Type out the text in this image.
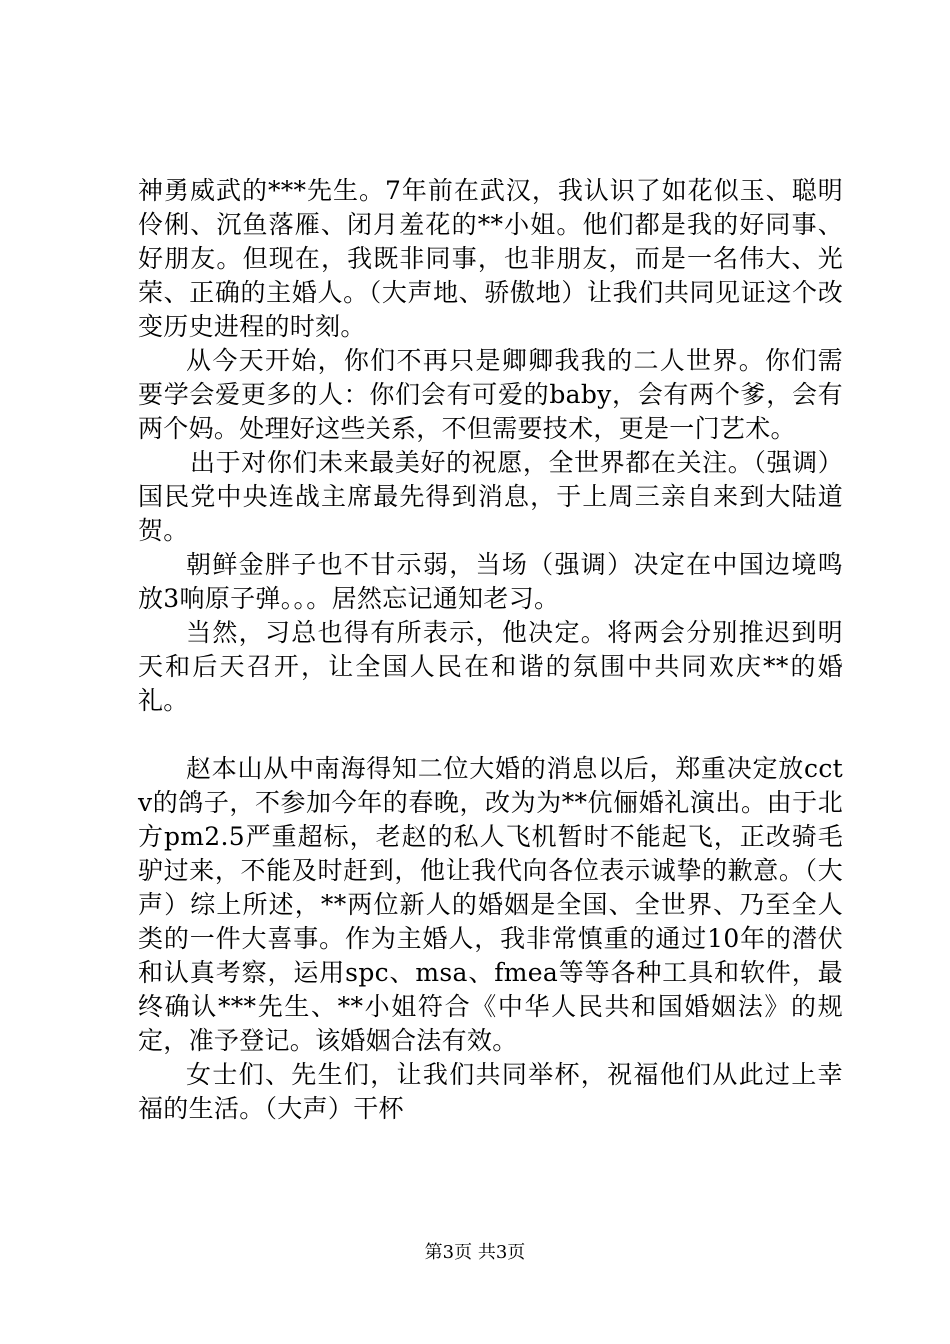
神勇威武的***先生。7年前在武汉，我认识了如花似玉、聪明伶俐、沉鱼落雁、闭月羞花的**小姐。他们都是我的好同事、好朋友。但现在，我既非同事，也非朋友，而是一名伟大、光荣、正确的主婚人。（大声地、骄傲地）让我们共同见证这个改变历史进程的时刻。

从今天开始，你们不再只是卿卿我我的二人世界。你们需要学会爱更多的人：你们会有可爱的baby，会有两个爹，会有两个妈。处理好这些关系，不但需要技术，更是一门艺术。

出于对你们未来最美好的祝愿，全世界都在关注。（强调）国民党中央连战主席最先得到消息，于上周三亲自来到大陆道贺。

朝鲜金胖子也不甘示弱，当场（强调）决定在中国边境鸣放3响原子弹。。。居然忘记通知老习。

当然，习总也得有所表示，他决定。将两会分别推迟到明天和后天召开，让全国人民在和谐的氛围中共同欢庆**的婚礼。

赵本山从中南海得知二位大婚的消息以后，郑重决定放cctv的鸽子，不参加今年的春晚，改为为**伉俪婚礼演出。由于北方pm2.5严重超标，老赵的私人飞机暂时不能起飞，正改骑毛驴过来，不能及时赶到，他让我代向各位表示诚挚的歉意。（大声）综上所述，**两位新人的婚姻是全国、全世界、乃至全人类的一件大喜事。作为主婚人，我非常慎重的通过10年的潜伏和认真考察，运用spc、msa、fmea等等各种工具和软件，最终确认***先生、**小姐符合《中华人民共和国婚姻法》的规定，准予登记。该婚姻合法有效。

女士们、先生们，让我们共同举杯，祝福他们从此过上幸福的生活。（大声）干杯

第3页 共3页
